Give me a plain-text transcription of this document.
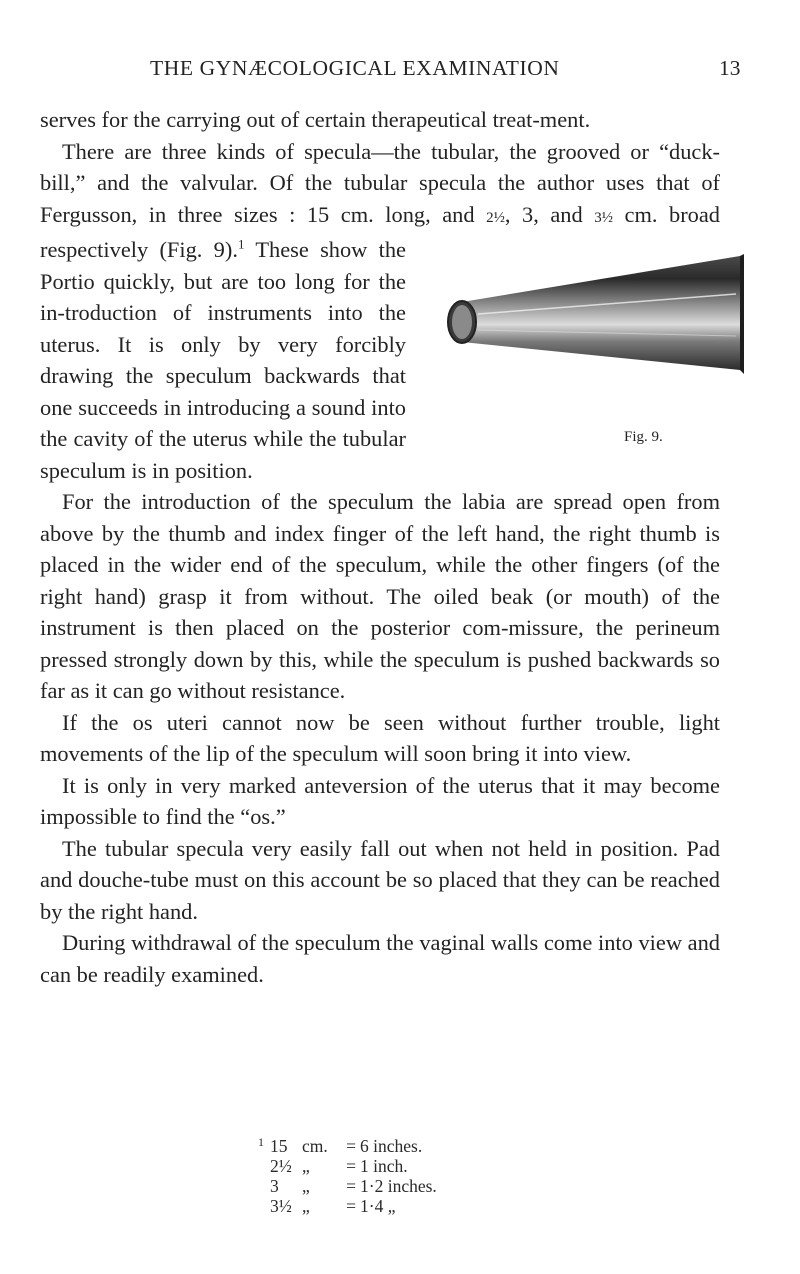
THE GYNÆCOLOGICAL EXAMINATION	13

serves for the carrying out of certain therapeutical treat-ment.

There are three kinds of specula—the tubular, the grooved or “duck-bill,” and the valvular. Of the tubular specula the author uses that of Fergusson, in three sizes : 15 cm. long, and 2½, 3, and 3½ cm. broad respectively (Fig. 9).$^1$
Fig. 9.
These show the Portio quickly, but are too long for the in-troduction of instruments into the uterus. It is only by very forcibly drawing the speculum backwards that one succeeds in introducing a sound into the cavity of the uterus while the tubular speculum is in position.

For the introduction of the speculum the labia are spread open from above by the thumb and index finger of the left hand, the right thumb is placed in the wider end of the speculum, while the other fingers (of the right hand) grasp it from without. The oiled beak (or mouth) of the instrument is then placed on the posterior com-missure, the perineum pressed strongly down by this, while the speculum is pushed backwards so far as it can go without resistance.

If the os uteri cannot now be seen without further trouble, light movements of the lip of the speculum will soon bring it into view.

It is only in very marked anteversion of the uterus that it may become impossible to find the “os.”

The tubular specula very easily fall out when not held in position. Pad and douche-tube must on this account be so placed that they can be reached by the right hand.

During withdrawal of the speculum the vaginal walls come into view and can be readily examined.

1 15 cm.	= 6 inches.
2½ „	= 1 inch.
3	„	= 1·2 inches.
3½ „	= 1·4 „
